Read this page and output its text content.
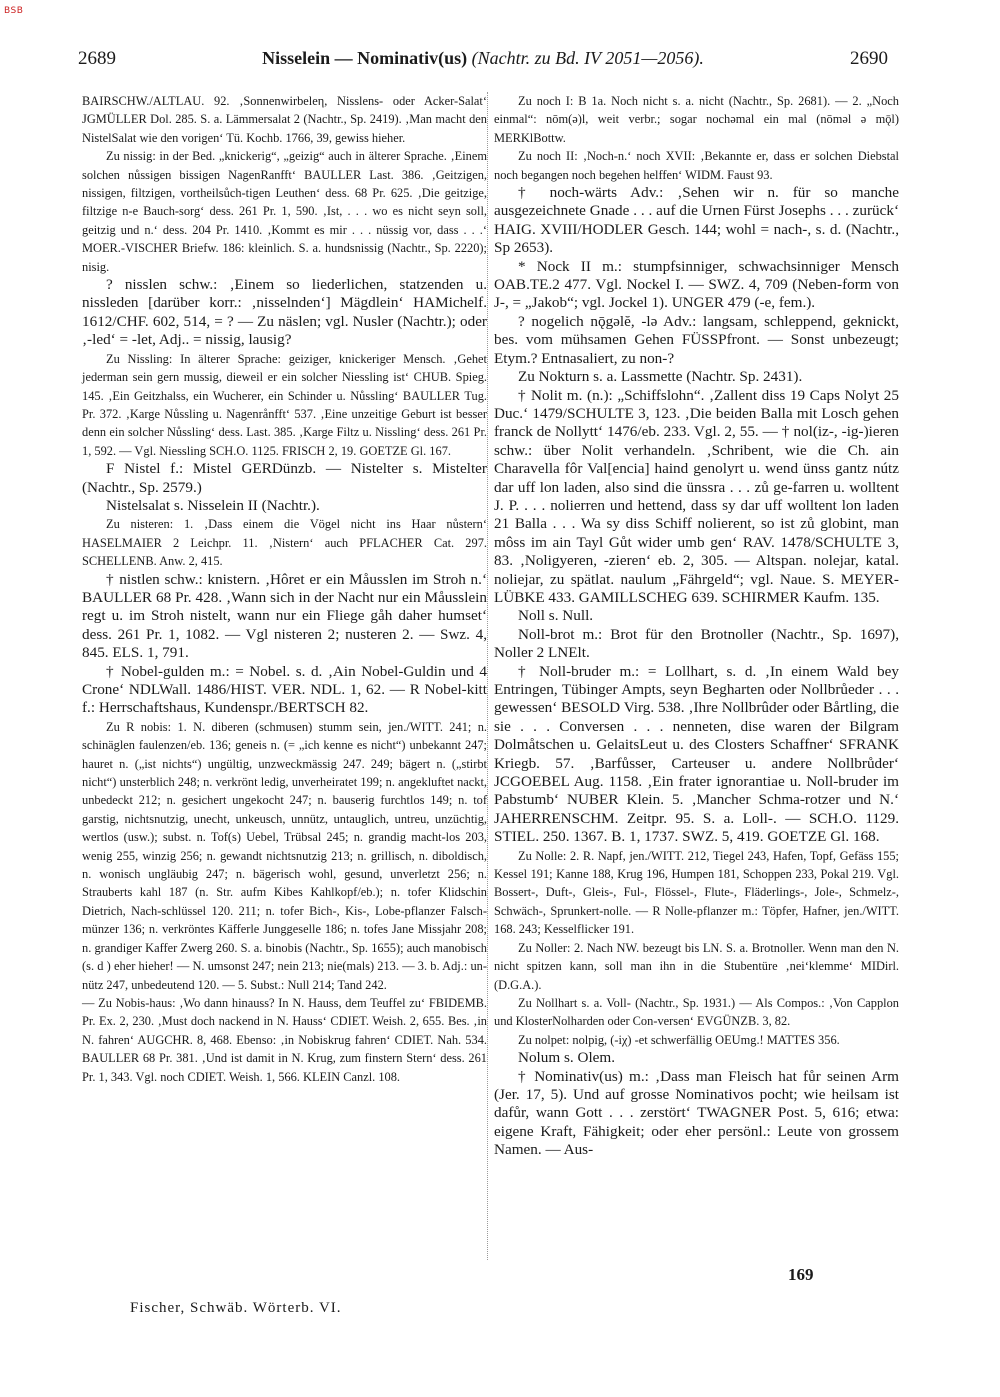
BSB
2689	Nisselein — Nominativ(us) (Nachtr. zu Bd. IV 2051—2056).	2690

BAIRSCHW./ALTLAU. 92. ‚Sonnenwirbeleη, Nisslens- oder Acker-Salat‘ JGMÜLLER Dol. 285. S. a. Lämmersalat 2 (Nachtr., Sp. 2419). ‚Man macht den NistelSalat wie den vorigen‘ Tü. Kochb. 1766, 39, gewiss hieher.

Zu nissig: in der Bed. „knickerig“, „geizig“ auch in älterer Sprache. ‚Einem solchen nůssigen bissigen NagenRanfft‘ BAULLER Last. 386. ‚Geitzigen, nissigen, filtzigen, vortheilsůch-tigen Leuthen‘ dess. 68 Pr. 625. ‚Die geitzige, filtzige n-e Bauch-sorg‘ dess. 261 Pr. 1, 590. ‚Ist, . . . wo es nicht seyn soll, geitzig und n.‘ dess. 204 Pr. 1410. ‚Kommt es mir . . . nüssig vor, dass . . .‘ MOER.-VISCHER Briefw. 186: kleinlich. S. a. hundsnissig (Nachtr., Sp. 2220); nisig.

? nisslen schw.: ‚Einem so liederlichen, statzenden u. nissleden [darüber korr.: ‚nisselnden‘] Mägdlein‘ HAMichelf. 1612/CHF. 602, 514, = ? — Zu näslen; vgl. Nusler (Nachtr.); oder ‚-led‘ = -let, Adj.. = nissig, lausig?

Zu Nissling: In älterer Sprache: geiziger, knickeriger Mensch. ‚Gehet jederman sein gern mussig, dieweil er ein solcher Niessling ist‘ CHUB. Spieg. 145. ‚Ein Geitzhalss, ein Wucherer, ein Schinder u. Nůssling‘ BAULLER Tug. Pr. 372. ‚Karge Nůssling u. Nagenrånfft‘ 537. ‚Eine unzeitige Geburt ist besser denn ein solcher Nůssling‘ dess. Last. 385. ‚Karge Filtz u. Nissling‘ dess. 261 Pr. 1, 592. — Vgl. Niessling SCH.O. 1125. FRISCH 2, 19. GOETZE Gl. 167.

F Nistel f.: Mistel GERDünzb. — Nistelter s. Mistelter (Nachtr., Sp. 2579.)

Nistelsalat s. Nisselein II (Nachtr.).

Zu nisteren: 1. ‚Dass einem die Vögel nicht ins Haar nůstern‘ HASELMAIER 2 Leichpr. 11. ‚Nistern‘ auch PFLACHER Cat. 297. SCHELLENB. Anw. 2, 415.

† nistlen schw.: knistern. ‚Hôret er ein Måusslen im Stroh n.‘ BAULLER 68 Pr. 428. ‚Wann sich in der Nacht nur ein Måusslein regt u. im Stroh nistelt, wann nur ein Fliege gåh daher humset‘ dess. 261 Pr. 1, 1082. — Vgl nisteren 2; nusteren 2. — Swz. 4, 845. ELS. 1, 791.

† Nobel-gulden m.: = Nobel. s. d. ‚Ain Nobel-Guldin und 4 Crone‘ NDLWall. 1486/HIST. VER. NDL. 1, 62. — R Nobel-kitt f.: Herrschaftshaus, Kundenspr./BERTSCH 82.

Zu R nobis: 1. N. diberen (schmusen) stumm sein, jen./WITT. 241; n. schinäglen faulenzen/eb. 136; geneis n. (= „ich kenne es nicht“) unbekannt 247; hauret n. („ist nichts“) ungültig, unzweckmässig 247. 249; bägert n. („stirbt nicht“) unsterblich 248; n. verkrönt ledig, unverheiratet 199; n. angekluftet nackt, unbedeckt 212; n. gesichert ungekocht 247; n. bauserig furchtlos 149; n. tof garstig, nichtsnutzig, unecht, unkeusch, unnütz, untauglich, untreu, unzüchtig, wertlos (usw.); subst. n. Tof(s) Uebel, Trübsal 245; n. grandig macht-los 203, wenig 255, winzig 256; n. gewandt nichtsnutzig 213; n. grillisch, n. diboldisch, n. wonisch ungläubig 247; n. bägerisch wohl, gesund, unverletzt 256; n. Strauberts kahl 187 (n. Str. aufm Kibes Kahlkopf/eb.); n. tofer Klidschin Dietrich, Nach-schlüssel 120. 211; n. tofer Bich-, Kis-, Lobe-pflanzer Falsch-münzer 136; n. verkröntes Käfferle Junggeselle 186; n. tofes Jane Missjahr 208; n. grandiger Kaffer Zwerg 260. S. a. binobis (Nachtr., Sp. 1655); auch manobisch (s. d ) eher hieher! — N. umsonst 247; nein 213; nie(mals) 213. — 3. b. Adj.: un-nütz 247, unbedeutend 120. — 5. Subst.: Null 214; Tand 242.

— Zu Nobis-haus: ‚Wo dann hinauss? In N. Hauss, dem Teuffel zu‘ FBIDEMB. Pr. Ex. 2, 230. ‚Must doch nackend in N. Hauss‘ CDIET. Weish. 2, 655. Bes. ‚in N. fahren‘ AUGCHR. 8, 468. Ebenso: ‚in Nobiskrug fahren‘ CDIET. Nah. 534. BAULLER 68 Pr. 381. ‚Und ist damit in N. Krug, zum finstern Stern‘ dess. 261 Pr. 1, 343. Vgl. noch CDIET. Weish. 1, 566. KLEIN Canzl. 108.

Zu noch I: B 1a. Noch nicht s. a. nicht (Nachtr., Sp. 2681). — 2. „Noch einmal“: nōm(ə)l, weit verbr.; sogar nochəmal ein mal (nōməl ə mǭl) MERKlBottw.

Zu noch II: ‚Noch-n.‘ noch XVII: ‚Bekannte er, dass er solchen Diebstal noch begangen noch begehen helffen‘ WIDM. Faust 93.

† noch-wärts Adv.: ‚Sehen wir n. für so manche ausgezeichnete Gnade . . . auf die Urnen Fürst Josephs . . . zurück‘ HAIG. XVIII/HODLER Gesch. 144; wohl = nach-, s. d. (Nachtr., Sp 2653).

* Nock II m.: stumpfsinniger, schwachsinniger Mensch OAB.TE.2 477. Vgl. Nockel I. — SWZ. 4, 709 (Neben-form von J-, = „Jakob“; vgl. Jockel 1). UNGER 479 (-e, fem.).

? nogelich nǭgəlĕ, -lə Adv.: langsam, schleppend, geknickt, bes. vom mühsamen Gehen FÜSSPfront. — Sonst unbezeugt; Etym.? Entnasaliert, zu non-?

Zu Nokturn s. a. Lassmette (Nachtr. Sp. 2431).

† Nolit m. (n.): „Schiffslohn“. ‚Zallent diss 19 Caps Nolyt 25 Duc.‘ 1479/SCHULTE 3, 123. ‚Die beiden Balla mit Losch gehen franck de Nollytt‘ 1476/eb. 233. Vgl. 2, 55. — † nol(iz-, -ig-)ieren schw.: über Nolit verhandeln. ‚Schribent, wie die Ch. ain Charavella fôr Val[encia] haind genolyrt u. wend ünss gantz nútz dar uff lon laden, also sind die ünssra . . . zů ge-farren u. wolltent J. P. . . . nolierren und hettend, dass sy dar uff wolltent lon laden 21 Balla . . . Wa sy diss Schiff nolierent, so ist zů globint, man môss im ain Tayl Gůt wider umb gen‘ RAV. 1478/SCHULTE 3, 83. ‚Noligyeren, -zieren‘ eb. 2, 305. — Altspan. nolejar, katal. noliejar, zu spätlat. naulum „Fährgeld“; vgl. Naue. S. MEYER-LÜBKE 433. GAMILLSCHEG 639. SCHIRMER Kaufm. 135.

Noll s. Null.

Noll-brot m.: Brot für den Brotnoller (Nachtr., Sp. 1697), Noller 2 LNElt.

† Noll-bruder m.: = Lollhart, s. d. ‚In einem Wald bey Entringen, Tübinger Ampts, seyn Begharten oder Nollbrůeder . . . gewessen‘ BESOLD Virg. 538. ‚Ihre Nollbrûder oder Bårtling, die sie . . . Conversen . . . nenneten, dise waren der Bilgram Dolmåtschen u. GelaitsLeut u. des Closters Schaffner‘ SFRANK Kriegb. 57. ‚Barfůsser, Carteuser u. andere Nollbrůder‘ JCGOEBEL Aug. 1158. ‚Ein frater ignorantiae u. Noll-bruder im Pabstumb‘ NUBER Klein. 5. ‚Mancher Schma-rotzer und N.‘ JAHERRENSCHM. Zeitpr. 95. S. a. Loll-. — SCH.O. 1129. STIEL. 250. 1367. B. 1, 1737. SWZ. 5, 419. GOETZE Gl. 168.

Zu Nolle: 2. R. Napf, jen./WITT. 212, Tiegel 243, Hafen, Topf, Gefäss 155; Kessel 191; Kanne 188, Krug 196, Humpen 181, Schoppen 233, Pokal 219. Vgl. Bossert-, Duft-, Gleis-, Ful-, Flössel-, Flute-, Fläderlings-, Jole-, Schmelz-, Schwäch-, Sprunkert-nolle. — R Nolle-pflanzer m.: Töpfer, Hafner, jen./WITT. 168. 243; Kesselflicker 191.

Zu Noller: 2. Nach NW. bezeugt bis LN. S. a. Brotnoller. Wenn man den N. nicht spitzen kann, soll man ihn in die Stubentüre ‚nei‘klemme‘ MIDirl. (D.G.A.).

Zu Nollhart s. a. Voll- (Nachtr., Sp. 1931.) — Als Compos.: ‚Von Capplon und KlosterNolharden oder Con-versen‘ EVGÜNZB. 3, 82.

Zu nolpet: nolpig, (-iχ) -et schwerfällig OEUmg.! MATTES 356.

Nolum s. Olem.

† Nominativ(us) m.: ‚Dass man Fleisch hat fůr seinen Arm (Jer. 17, 5). Und auf grosse Nominativos pocht; wie heilsam ist dafůr, wann Gott . . . zerstört‘ TWAGNER Post. 5, 616; etwa: eigene Kraft, Fähigkeit; oder eher persönl.: Leute von grossem Namen. — Aus-

169
Fischer, Schwäb. Wörterb. VI.
